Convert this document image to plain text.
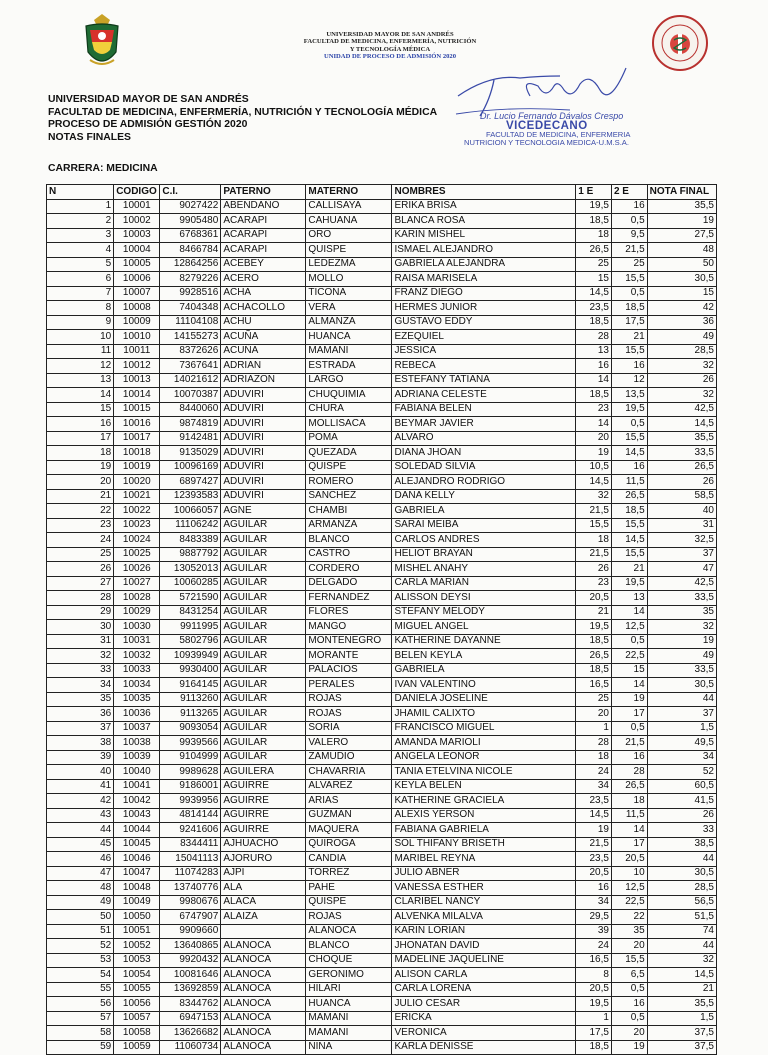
UNIVERSIDAD MAYOR DE SAN ANDRÉS
FACULTAD DE MEDICINA, ENFERMERÍA, NUTRICIÓN
Y TECNOLOGÍA MÉDICA
UNIDAD DE PROCESO DE ADMISIÓN 2020
UNIVERSIDAD MAYOR DE SAN ANDRÉS
FACULTAD DE MEDICINA, ENFERMERÍA, NUTRICIÓN Y TECNOLOGÍA MÉDICA
PROCESO DE ADMISIÓN GESTIÓN 2020
NOTAS FINALES
CARRERA: MEDICINA
Dr. Lucio Fernando Dávalos Crespo
VICEDECANO
FACULTAD DE MEDICINA, ENFERMERIA
NUTRICION Y TECNOLOGIA MEDICA-U.M.S.A.
N	CODIGO	C.I.	PATERNO	MATERNO	NOMBRES	1 E	2 E	NOTA FINAL
1	10001	9027422	ABENDAÑO	CALLISAYA	ERIKA BRISA	19,5	16	35,5
2	10002	9905480	ACARAPI	CAHUANA	BLANCA ROSA	18,5	0,5	19
3	10003	6768361	ACARAPI	ORO	KARIN MISHEL	18	9,5	27,5
4	10004	8466784	ACARAPI	QUISPE	ISMAEL ALEJANDRO	26,5	21,5	48
5	10005	12864256	ACEBEY	LEDEZMA	GABRIELA ALEJANDRA	25	25	50
6	10006	8279226	ACERO	MOLLO	RAISA MARISELA	15	15,5	30,5
7	10007	9928516	ACHA	TICONA	FRANZ DIEGO	14,5	0,5	15
8	10008	7404348	ACHACOLLO	VERA	HERMES JUNIOR	23,5	18,5	42
9	10009	11104108	ACHU	ALMANZA	GUSTAVO EDDY	18,5	17,5	36
10	10010	14155273	ACUÑA	HUANCA	EZEQUIEL	28	21	49
11	10011	8372626	ACUÑA	MAMANI	JESSICA	13	15,5	28,5
12	10012	7367641	ADRIAN	ESTRADA	REBECA	16	16	32
13	10013	14021612	ADRIAZON	LARGO	ESTEFANY TATIANA	14	12	26
14	10014	10070387	ADUVIRI	CHUQUIMIA	ADRIANA CELESTE	18,5	13,5	32
15	10015	8440060	ADUVIRI	CHURA	FABIANA BELEN	23	19,5	42,5
16	10016	9874819	ADUVIRI	MOLLISACA	BEYMAR JAVIER	14	0,5	14,5
17	10017	9142481	ADUVIRI	POMA	ALVARO	20	15,5	35,5
18	10018	9135029	ADUVIRI	QUEZADA	DIANA JHOAN	19	14,5	33,5
19	10019	10096169	ADUVIRI	QUISPE	SOLEDAD SILVIA	10,5	16	26,5
20	10020	6897427	ADUVIRI	ROMERO	ALEJANDRO RODRIGO	14,5	11,5	26
21	10021	12393583	ADUVIRI	SANCHEZ	DANA KELLY	32	26,5	58,5
22	10022	10066057	AGNE	CHAMBI	GABRIELA	21,5	18,5	40
23	10023	11106242	AGUILAR	ARMANZA	SARAI MEIBA	15,5	15,5	31
24	10024	8483389	AGUILAR	BLANCO	CARLOS ANDRES	18	14,5	32,5
25	10025	9887792	AGUILAR	CASTRO	HELIOT BRAYAN	21,5	15,5	37
26	10026	13052013	AGUILAR	CORDERO	MISHEL ANAHY	26	21	47
27	10027	10060285	AGUILAR	DELGADO	CARLA MARIAN	23	19,5	42,5
28	10028	5721590	AGUILAR	FERNANDEZ	ALISSON DEYSI	20,5	13	33,5
29	10029	8431254	AGUILAR	FLORES	STEFANY MELODY	21	14	35
30	10030	9911995	AGUILAR	MANGO	MIGUEL ANGEL	19,5	12,5	32
31	10031	5802796	AGUILAR	MONTENEGRO	KATHERINE DAYANNE	18,5	0,5	19
32	10032	10939949	AGUILAR	MORANTE	BELEN KEYLA	26,5	22,5	49
33	10033	9930400	AGUILAR	PALACIOS	GABRIELA	18,5	15	33,5
34	10034	9164145	AGUILAR	PERALES	IVAN VALENTINO	16,5	14	30,5
35	10035	9113260	AGUILAR	ROJAS	DANIELA JOSELINE	25	19	44
36	10036	9113265	AGUILAR	ROJAS	JHAMIL CALIXTO	20	17	37
37	10037	9093054	AGUILAR	SORIA	FRANCISCO MIGUEL	1	0,5	1,5
38	10038	9939566	AGUILAR	VALERO	AMANDA MARIOLI	28	21,5	49,5
39	10039	9104999	AGUILAR	ZAMUDIO	ANGELA LEONOR	18	16	34
40	10040	9989628	AGUILERA	CHAVARRIA	TANIA ETELVINA NICOLE	24	28	52
41	10041	9186001	AGUIRRE	ALVAREZ	KEYLA BELEN	34	26,5	60,5
42	10042	9939956	AGUIRRE	ARIAS	KATHERINE GRACIELA	23,5	18	41,5
43	10043	4814144	AGUIRRE	GUZMAN	ALEXIS YERSON	14,5	11,5	26
44	10044	9241606	AGUIRRE	MAQUERA	FABIANA GABRIELA	19	14	33
45	10045	8344411	AJHUACHO	QUIROGA	SOL THIFANY BRISETH	21,5	17	38,5
46	10046	15041113	AJORURO	CANDIA	MARIBEL REYNA	23,5	20,5	44
47	10047	11074283	AJPI	TORREZ	JULIO ABNER	20,5	10	30,5
48	10048	13740776	ALA	PAHE	VANESSA ESTHER	16	12,5	28,5
49	10049	9980676	ALACA	QUISPE	CLARIBEL NANCY	34	22,5	56,5
50	10050	6747907	ALAIZA	ROJAS	ALVENKA MILALVA	29,5	22	51,5
51	10051	9909660		ALANOCA	KARIN LORIAN	39	35	74
52	10052	13640865	ALANOCA	BLANCO	JHONATAN DAVID	24	20	44
53	10053	9920432	ALANOCA	CHOQUE	MADELINE JAQUELINE	16,5	15,5	32
54	10054	10081646	ALANOCA	GERONIMO	ALISON CARLA	8	6,5	14,5
55	10055	13692859	ALANOCA	HILARI	CARLA LORENA	20,5	0,5	21
56	10056	8344762	ALANOCA	HUANCA	JULIO CESAR	19,5	16	35,5
57	10057	6947153	ALANOCA	MAMANI	ERICKA	1	0,5	1,5
58	10058	13626682	ALANOCA	MAMANI	VERONICA	17,5	20	37,5
59	10059	11060734	ALANOCA	NINA	KARLA DENISSE	18,5	19	37,5
